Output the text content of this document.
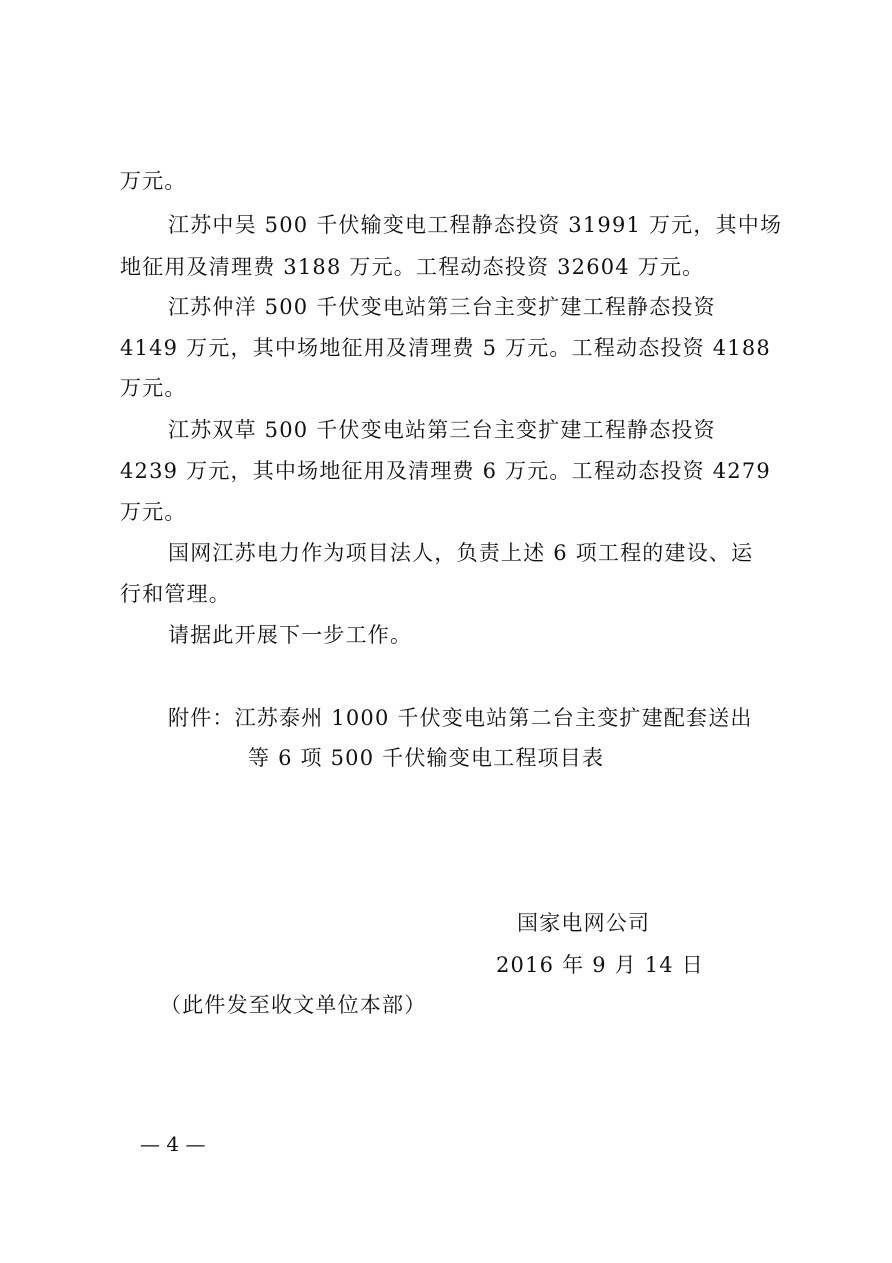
万元。
江苏中吴 500 千伏输变电工程静态投资 31991 万元，其中场
地征用及清理费 3188 万元。工程动态投资 32604 万元。
江苏仲洋 500 千伏变电站第三台主变扩建工程静态投资
4149 万元，其中场地征用及清理费 5 万元。工程动态投资 4188
万元。
江苏双草 500 千伏变电站第三台主变扩建工程静态投资
4239 万元，其中场地征用及清理费 6 万元。工程动态投资 4279
万元。
国网江苏电力作为项目法人，负责上述 6 项工程的建设、运
行和管理。
请据此开展下一步工作。
附件：江苏泰州 1000 千伏变电站第二台主变扩建配套送出
等 6 项 500 千伏输变电工程项目表
国家电网公司
2016 年 9 月 14 日
（此件发至收文单位本部）
— 4 —
